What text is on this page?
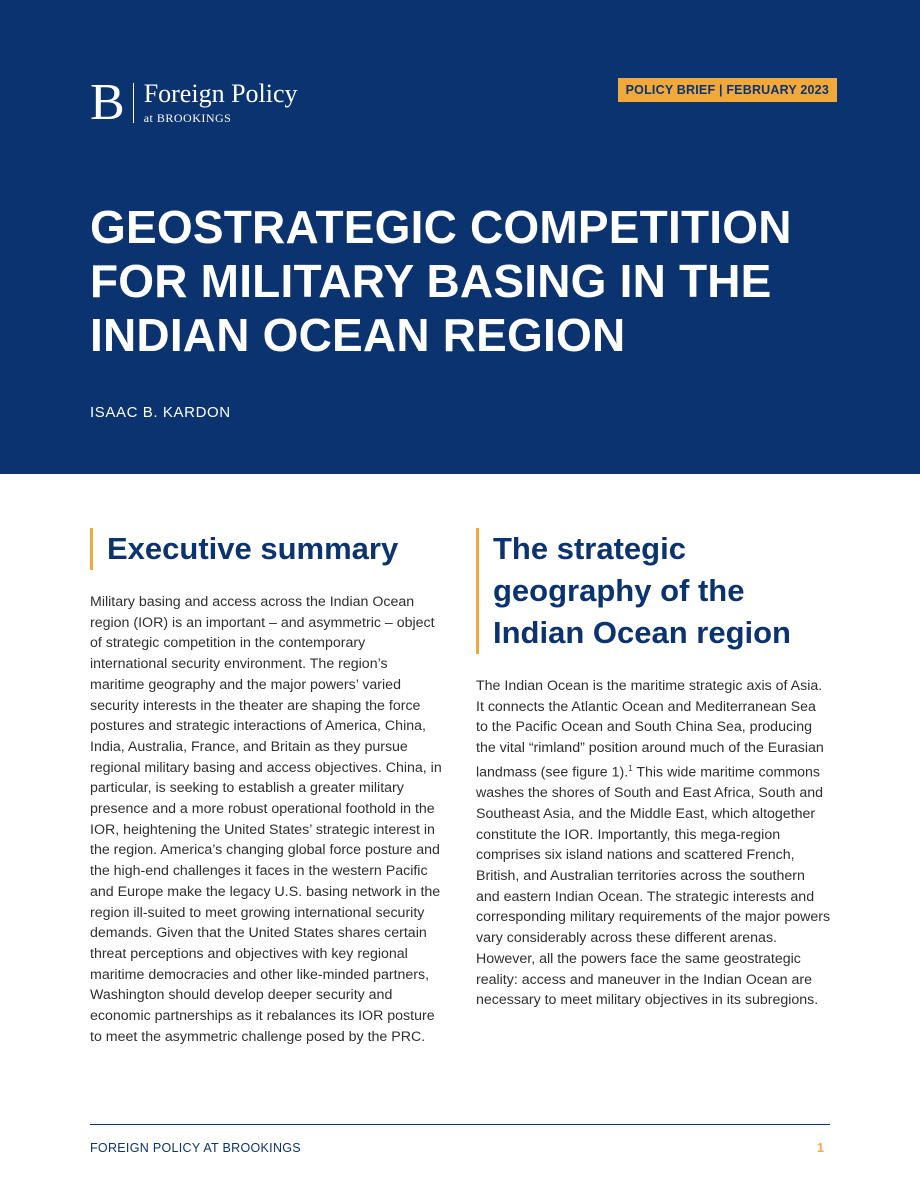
B Foreign Policy
at BROOKINGS
POLICY BRIEF | FEBRUARY 2023
GEOSTRATEGIC COMPETITION FOR MILITARY BASING IN THE INDIAN OCEAN REGION
ISAAC B. KARDON
Executive summary

Military basing and access across the Indian Ocean region (IOR) is an important – and asymmetric – object of strategic competition in the contemporary international security environment. The region’s maritime geography and the major powers’ varied security interests in the theater are shaping the force postures and strategic interactions of America, China, India, Australia, France, and Britain as they pursue regional military basing and access objectives. China, in particular, is seeking to establish a greater military presence and a more robust operational foothold in the IOR, heightening the United States’ strategic interest in the region. America’s changing global force posture and the high-end challenges it faces in the western Pacific and Europe make the legacy U.S. basing network in the region ill-suited to meet growing international security demands. Given that the United States shares certain threat perceptions and objectives with key regional maritime democracies and other like-minded partners, Washington should develop deeper security and economic partnerships as it rebalances its IOR posture to meet the asymmetric challenge posed by the PRC.

The strategic geography of the Indian Ocean region

The Indian Ocean is the maritime strategic axis of Asia. It connects the Atlantic Ocean and Mediterranean Sea to the Pacific Ocean and South China Sea, producing the vital “rimland” position around much of the Eurasian landmass (see figure 1).$^1$ This wide maritime commons washes the shores of South and East Africa, South and Southeast Asia, and the Middle East, which altogether constitute the IOR. Importantly, this mega-region comprises six island nations and scattered French, British, and Australian territories across the southern and eastern Indian Ocean. The strategic interests and corresponding military requirements of the major powers vary considerably across these different arenas. However, all the powers face the same geostrategic reality: access and maneuver in the Indian Ocean are necessary to meet military objectives in its subregions.

FOREIGN POLICY AT BROOKINGS	1
